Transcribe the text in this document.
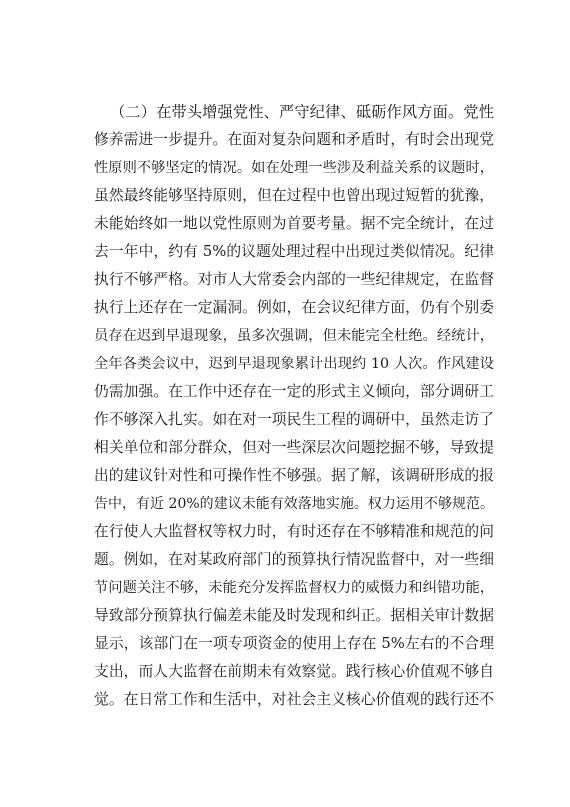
（二）在带头增强党性、严守纪律、砥砺作风方面。党性
修养需进一步提升。在面对复杂问题和矛盾时，有时会出现党
性原则不够坚定的情况。如在处理一些涉及利益关系的议题时，
虽然最终能够坚持原则，但在过程中也曾出现过短暂的犹豫，
未能始终如一地以党性原则为首要考量。据不完全统计，在过
去一年中，约有 5%的议题处理过程中出现过类似情况。纪律
执行不够严格。对市人大常委会内部的一些纪律规定，在监督
执行上还存在一定漏洞。例如，在会议纪律方面，仍有个别委
员存在迟到早退现象，虽多次强调，但未能完全杜绝。经统计，
全年各类会议中，迟到早退现象累计出现约 10 人次。作风建设
仍需加强。在工作中还存在一定的形式主义倾向，部分调研工
作不够深入扎实。如在对一项民生工程的调研中，虽然走访了
相关单位和部分群众，但对一些深层次问题挖掘不够，导致提
出的建议针对性和可操作性不够强。据了解，该调研形成的报
告中，有近 20%的建议未能有效落地实施。权力运用不够规范。
在行使人大监督权等权力时，有时还存在不够精准和规范的问
题。例如，在对某政府部门的预算执行情况监督中，对一些细
节问题关注不够，未能充分发挥监督权力的威慑力和纠错功能，
导致部分预算执行偏差未能及时发现和纠正。据相关审计数据
显示，该部门在一项专项资金的使用上存在 5%左右的不合理
支出，而人大监督在前期未有效察觉。践行核心价值观不够自
觉。在日常工作和生活中，对社会主义核心价值观的践行还不
